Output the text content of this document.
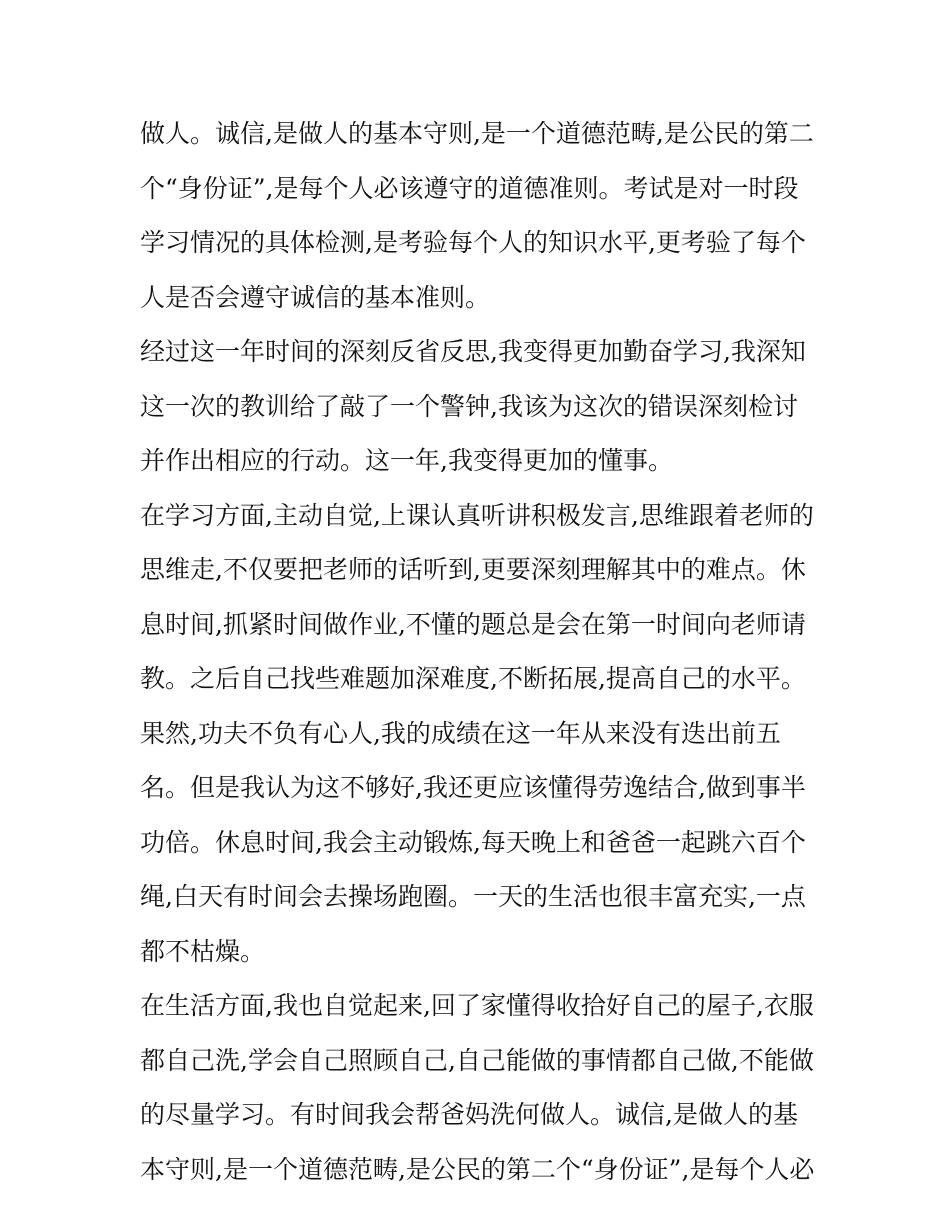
做人。诚信,是做人的基本守则,是一个道德范畴,是公民的第二
个“身份证”,是每个人必该遵守的道德准则。考试是对一时段
学习情况的具体检测,是考验每个人的知识水平,更考验了每个
人是否会遵守诚信的基本准则。
经过这一年时间的深刻反省反思,我变得更加勤奋学习,我深知
这一次的教训给了敲了一个警钟,我该为这次的错误深刻检讨
并作出相应的行动。这一年,我变得更加的懂事。
在学习方面,主动自觉,上课认真听讲积极发言,思维跟着老师的
思维走,不仅要把老师的话听到,更要深刻理解其中的难点。休
息时间,抓紧时间做作业,不懂的题总是会在第一时间向老师请
教。之后自己找些难题加深难度,不断拓展,提高自己的水平。
果然,功夫不负有心人,我的成绩在这一年从来没有迭出前五
名。但是我认为这不够好,我还更应该懂得劳逸结合,做到事半
功倍。休息时间,我会主动锻炼,每天晚上和爸爸一起跳六百个
绳,白天有时间会去操场跑圈。一天的生活也很丰富充实,一点
都不枯燥。
在生活方面,我也自觉起来,回了家懂得收拾好自己的屋子,衣服
都自己洗,学会自己照顾自己,自己能做的事情都自己做,不能做
的尽量学习。有时间我会帮爸妈洗何做人。诚信,是做人的基
本守则,是一个道德范畴,是公民的第二个“身份证”,是每个人必
